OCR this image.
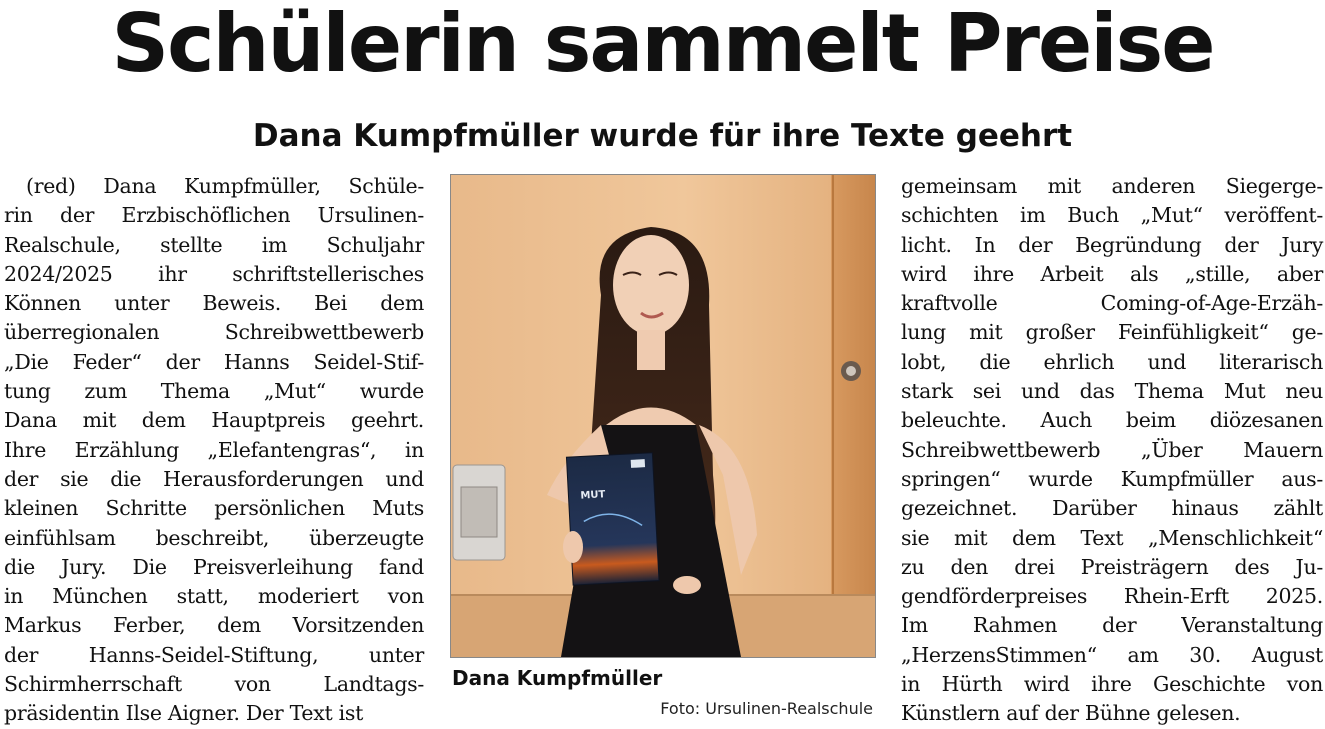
Schülerin sammelt Preise
Dana Kumpfmüller wurde für ihre Texte geehrt
(red) Dana Kumpfmüller, Schüle-
rin der Erzbischöflichen Ursulinen-
Realschule, stellte im Schuljahr
2024/2025 ihr schriftstellerisches
Können unter Beweis. Bei dem
überregionalen Schreibwettbewerb
„Die Feder“ der Hanns Seidel-Stif-
tung zum Thema „Mut“ wurde
Dana mit dem Hauptpreis geehrt.
Ihre Erzählung „Elefantengras“, in
der sie die Herausforderungen und
kleinen Schritte persönlichen Muts
einfühlsam beschreibt, überzeugte
die Jury. Die Preisverleihung fand
in München statt, moderiert von
Markus Ferber, dem Vorsitzenden
der Hanns-Seidel-Stiftung, unter
Schirmherrschaft von Landtags-
präsidentin Ilse Aigner. Der Text ist
MUT
Dana Kumpfmüller
Foto: Ursulinen-Realschule
gemeinsam mit anderen Siegerge-
schichten im Buch „Mut“ veröffent-
licht. In der Begründung der Jury
wird ihre Arbeit als „stille, aber
kraftvolle Coming-of-Age-Erzäh-
lung mit großer Feinfühligkeit“ ge-
lobt, die ehrlich und literarisch
stark sei und das Thema Mut neu
beleuchte. Auch beim diözesanen
Schreibwettbewerb „Über Mauern
springen“ wurde Kumpfmüller aus-
gezeichnet. Darüber hinaus zählt
sie mit dem Text „Menschlichkeit“
zu den drei Preisträgern des Ju-
gendförderpreises Rhein-Erft 2025.
Im Rahmen der Veranstaltung
„HerzensStimmen“ am 30. August
in Hürth wird ihre Geschichte von
Künstlern auf der Bühne gelesen.
